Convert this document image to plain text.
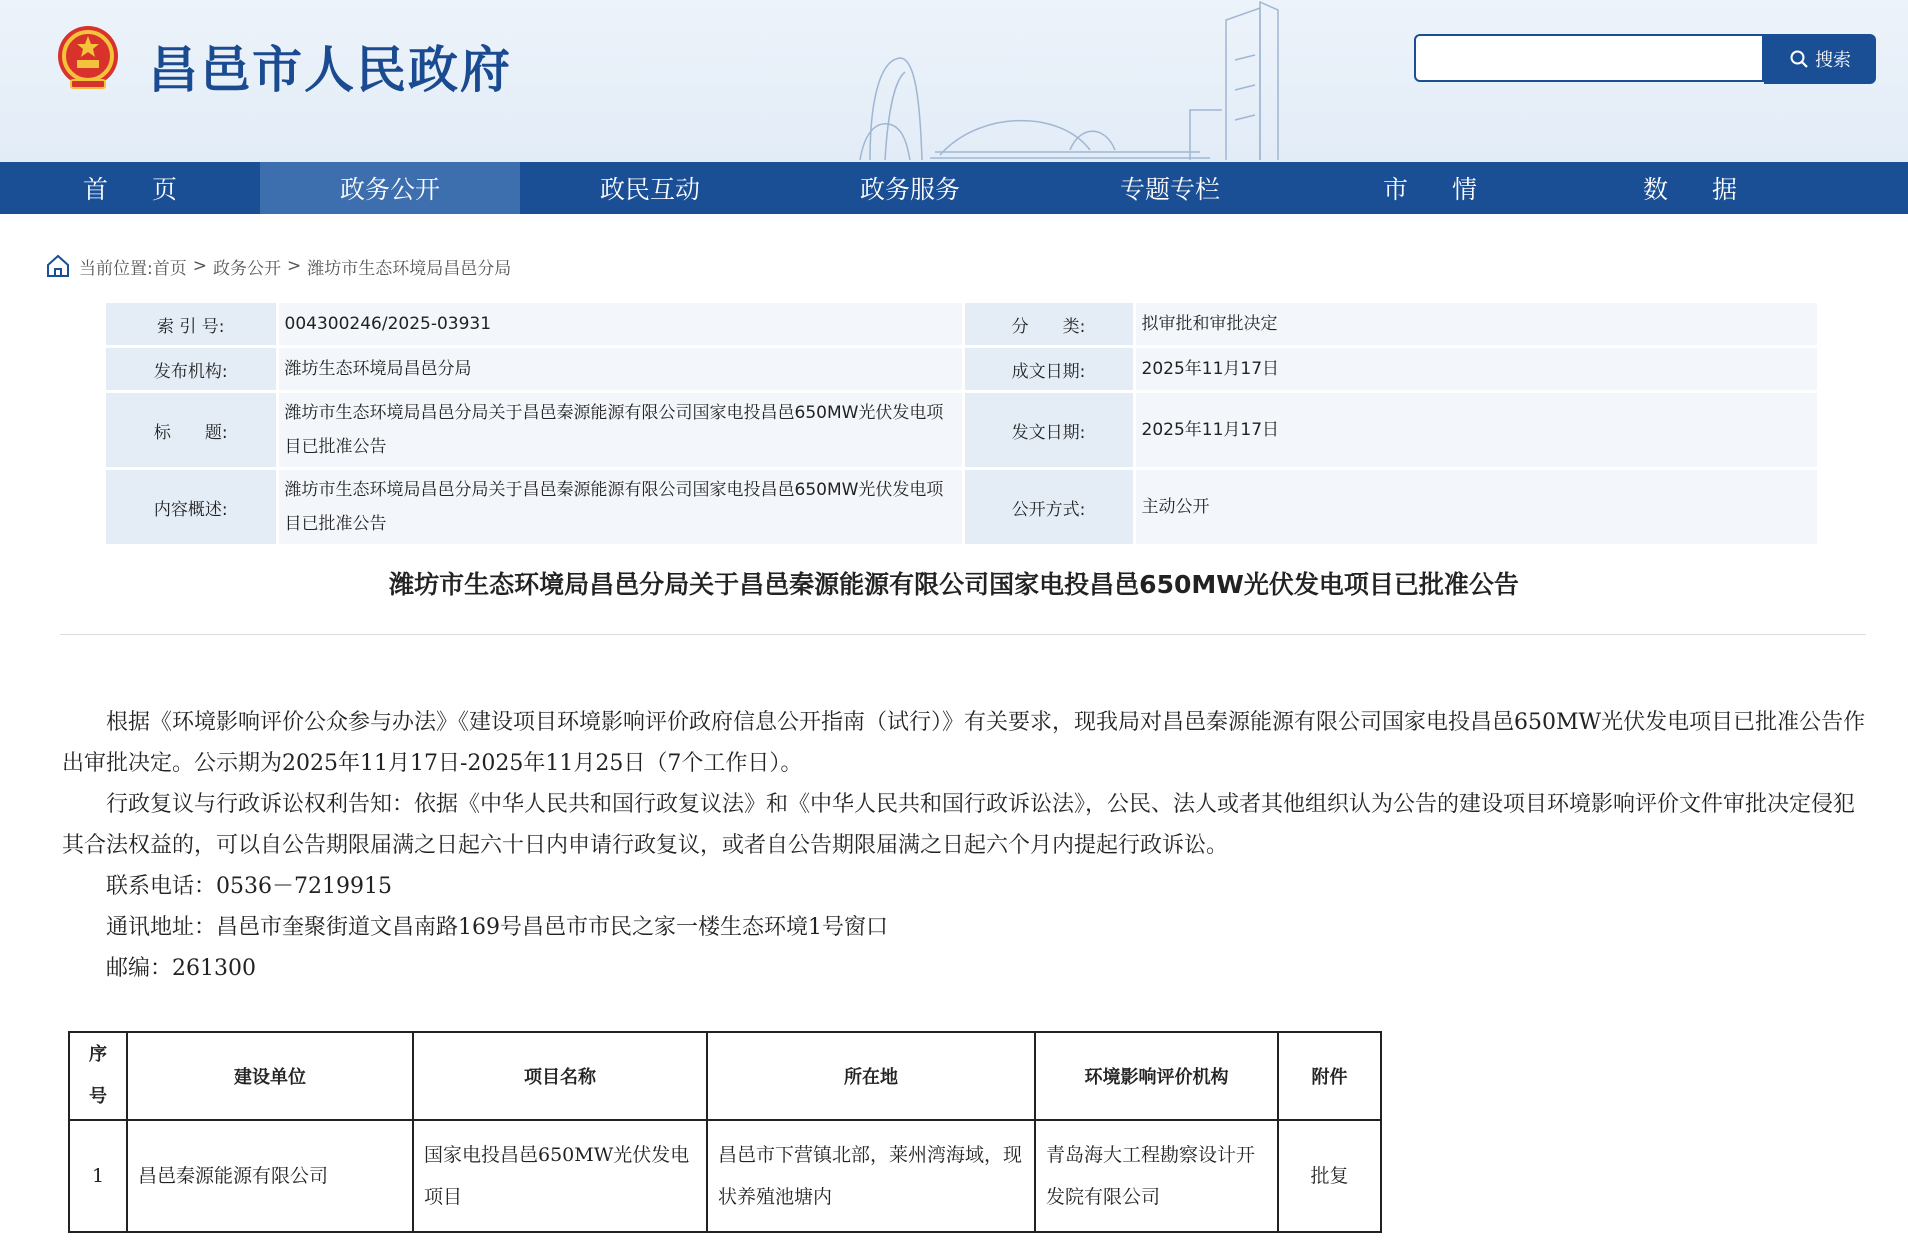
昌邑市人民政府	搜索
首页	政务公开	政民互动	政务服务	专题专栏	市情	数据
当前位置: 首页 > 政务公开 > 潍坊市生态环境局昌邑分局
索 引 号:	004300246/2025-03931	分　　类:	拟审批和审批决定
发布机构:	潍坊生态环境局昌邑分局	成文日期:	2025年11月17日
标　　题:	潍坊市生态环境局昌邑分局关于昌邑秦源能源有限公司国家电投昌邑650MW光伏发电项目已批准公告	发文日期:	2025年11月17日
内容概述:	潍坊市生态环境局昌邑分局关于昌邑秦源能源有限公司国家电投昌邑650MW光伏发电项目已批准公告	公开方式:	主动公开
潍坊市生态环境局昌邑分局关于昌邑秦源能源有限公司国家电投昌邑650MW光伏发电项目已批准公告

根据《环境影响评价公众参与办法》《建设项目环境影响评价政府信息公开指南（试行）》有关要求，现我局对昌邑秦源能源有限公司国家电投昌邑650MW光伏发电项目已批准公告作出审批决定。公示期为2025年11月17日-2025年11月25日（7个工作日）。

行政复议与行政诉讼权利告知：依据《中华人民共和国行政复议法》和《中华人民共和国行政诉讼法》，公民、法人或者其他组织认为公告的建设项目环境影响评价文件审批决定侵犯其合法权益的，可以自公告期限届满之日起六十日内申请行政复议，或者自公告期限届满之日起六个月内提起行政诉讼。

联系电话：0536－7219915

通讯地址：昌邑市奎聚街道文昌南路169号昌邑市市民之家一楼生态环境1号窗口

邮编：261300

序号	建设单位	项目名称	所在地	环境影响评价机构	附件
1	昌邑秦源能源有限公司	国家电投昌邑650MW光伏发电项目	昌邑市下营镇北部，莱州湾海域，现状养殖池塘内	青岛海大工程勘察设计开发院有限公司	批复
